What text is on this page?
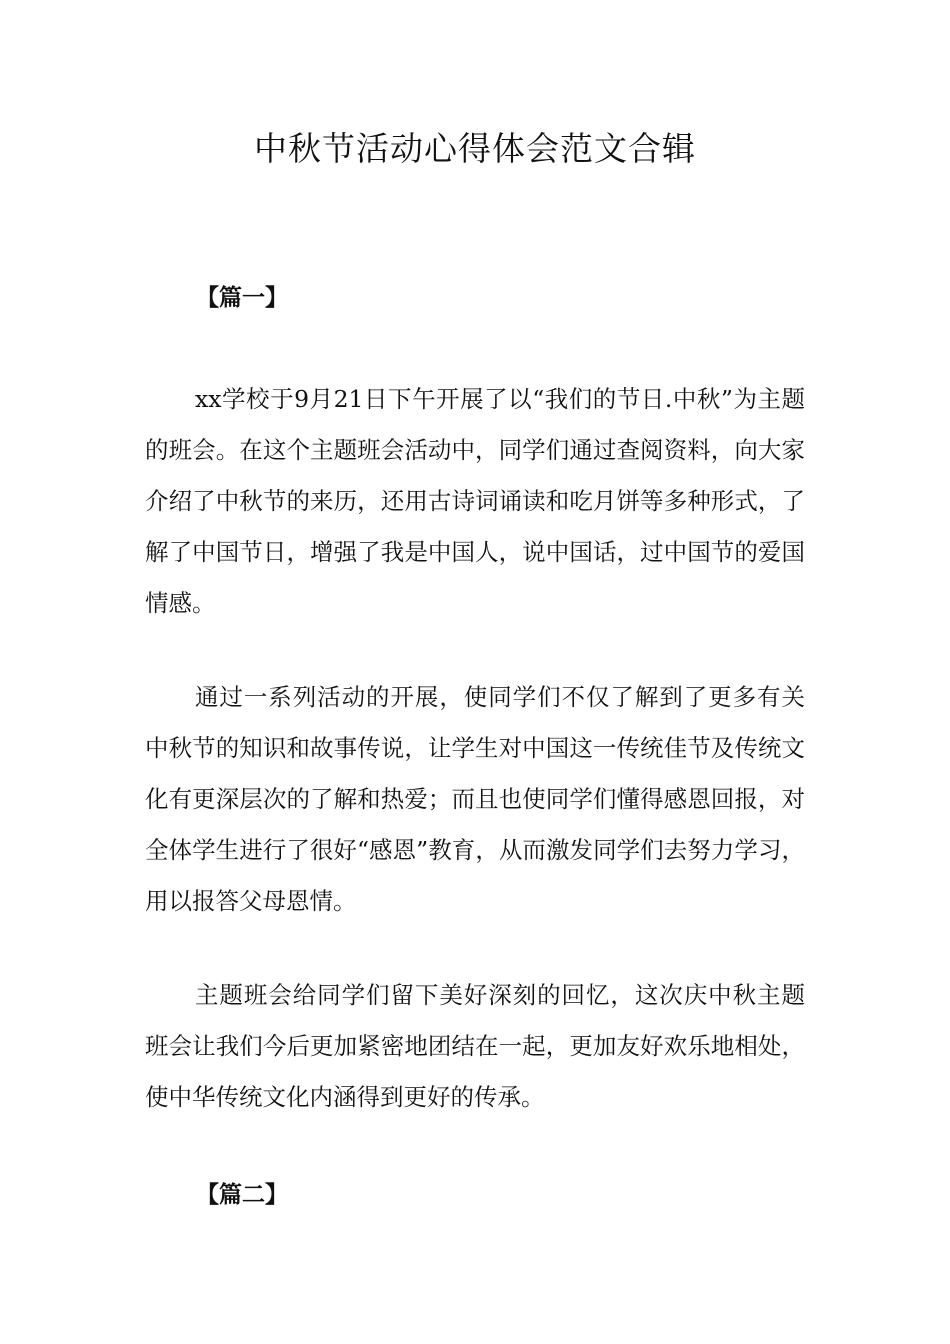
中秋节活动心得体会范文合辑
【篇一】

xx学校于9月21日下午开展了以“我们的节日.中秋”为主题的班会。在这个主题班会活动中，同学们通过查阅资料，向大家介绍了中秋节的来历，还用古诗词诵读和吃月饼等多种形式，了解了中国节日，增强了我是中国人，说中国话，过中国节的爱国情感。

通过一系列活动的开展，使同学们不仅了解到了更多有关中秋节的知识和故事传说，让学生对中国这一传统佳节及传统文化有更深层次的了解和热爱；而且也使同学们懂得感恩回报，对全体学生进行了很好“感恩”教育，从而激发同学们去努力学习，用以报答父母恩情。

主题班会给同学们留下美好深刻的回忆，这次庆中秋主题班会让我们今后更加紧密地团结在一起，更加友好欢乐地相处，使中华传统文化内涵得到更好的传承。

【篇二】
